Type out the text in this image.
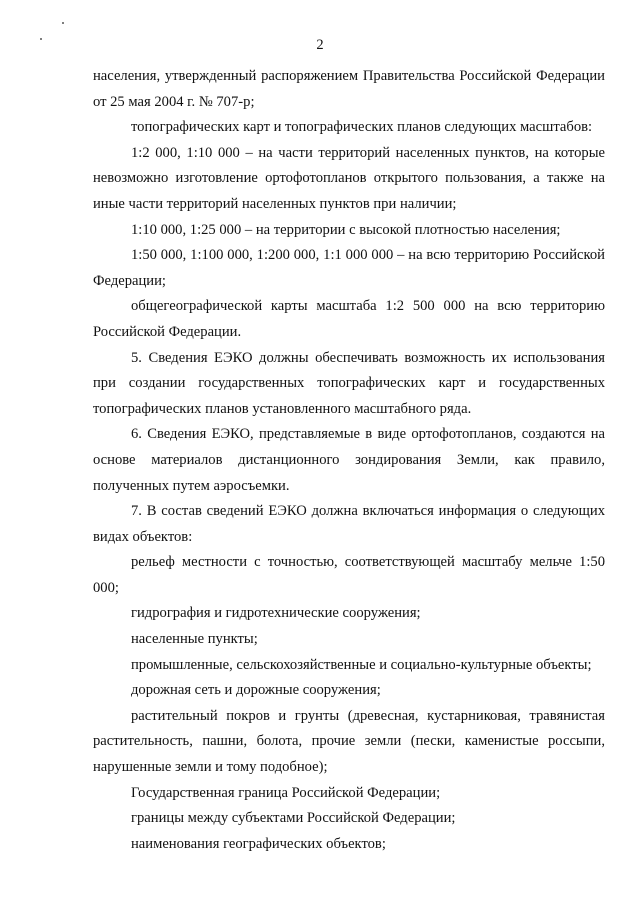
2

населения, утвержденный распоряжением Правительства Российской Федерации от 25 мая 2004 г. № 707-р;

топографических карт и топографических планов следующих масштабов:

1:2 000, 1:10 000 – на части территорий населенных пунктов, на которые невозможно изготовление ортофотопланов открытого пользования, а также на иные части территорий населенных пунктов при наличии;

1:10 000, 1:25 000 – на территории с высокой плотностью населения;

1:50 000, 1:100 000, 1:200 000, 1:1 000 000 – на всю территорию Российской Федерации;

общегеографической карты масштаба 1:2 500 000 на всю территорию Российской Федерации.

5. Сведения ЕЭКО должны обеспечивать возможность их использования при создании государственных топографических карт и государственных топографических планов установленного масштабного ряда.

6. Сведения ЕЭКО, представляемые в виде ортофотопланов, создаются на основе материалов дистанционного зондирования Земли, как правило, полученных путем аэросъемки.

7. В состав сведений ЕЭКО должна включаться информация о следующих видах объектов:

рельеф местности с точностью, соответствующей масштабу мельче 1:50 000;

гидрография и гидротехнические сооружения;

населенные пункты;

промышленные, сельскохозяйственные и социально-культурные объекты;

дорожная сеть и дорожные сооружения;

растительный покров и грунты (древесная, кустарниковая, травянистая растительность, пашни, болота, прочие земли (пески, каменистые россыпи, нарушенные земли и тому подобное);

Государственная граница Российской Федерации;

границы между субъектами Российской Федерации;

наименования географических объектов;
